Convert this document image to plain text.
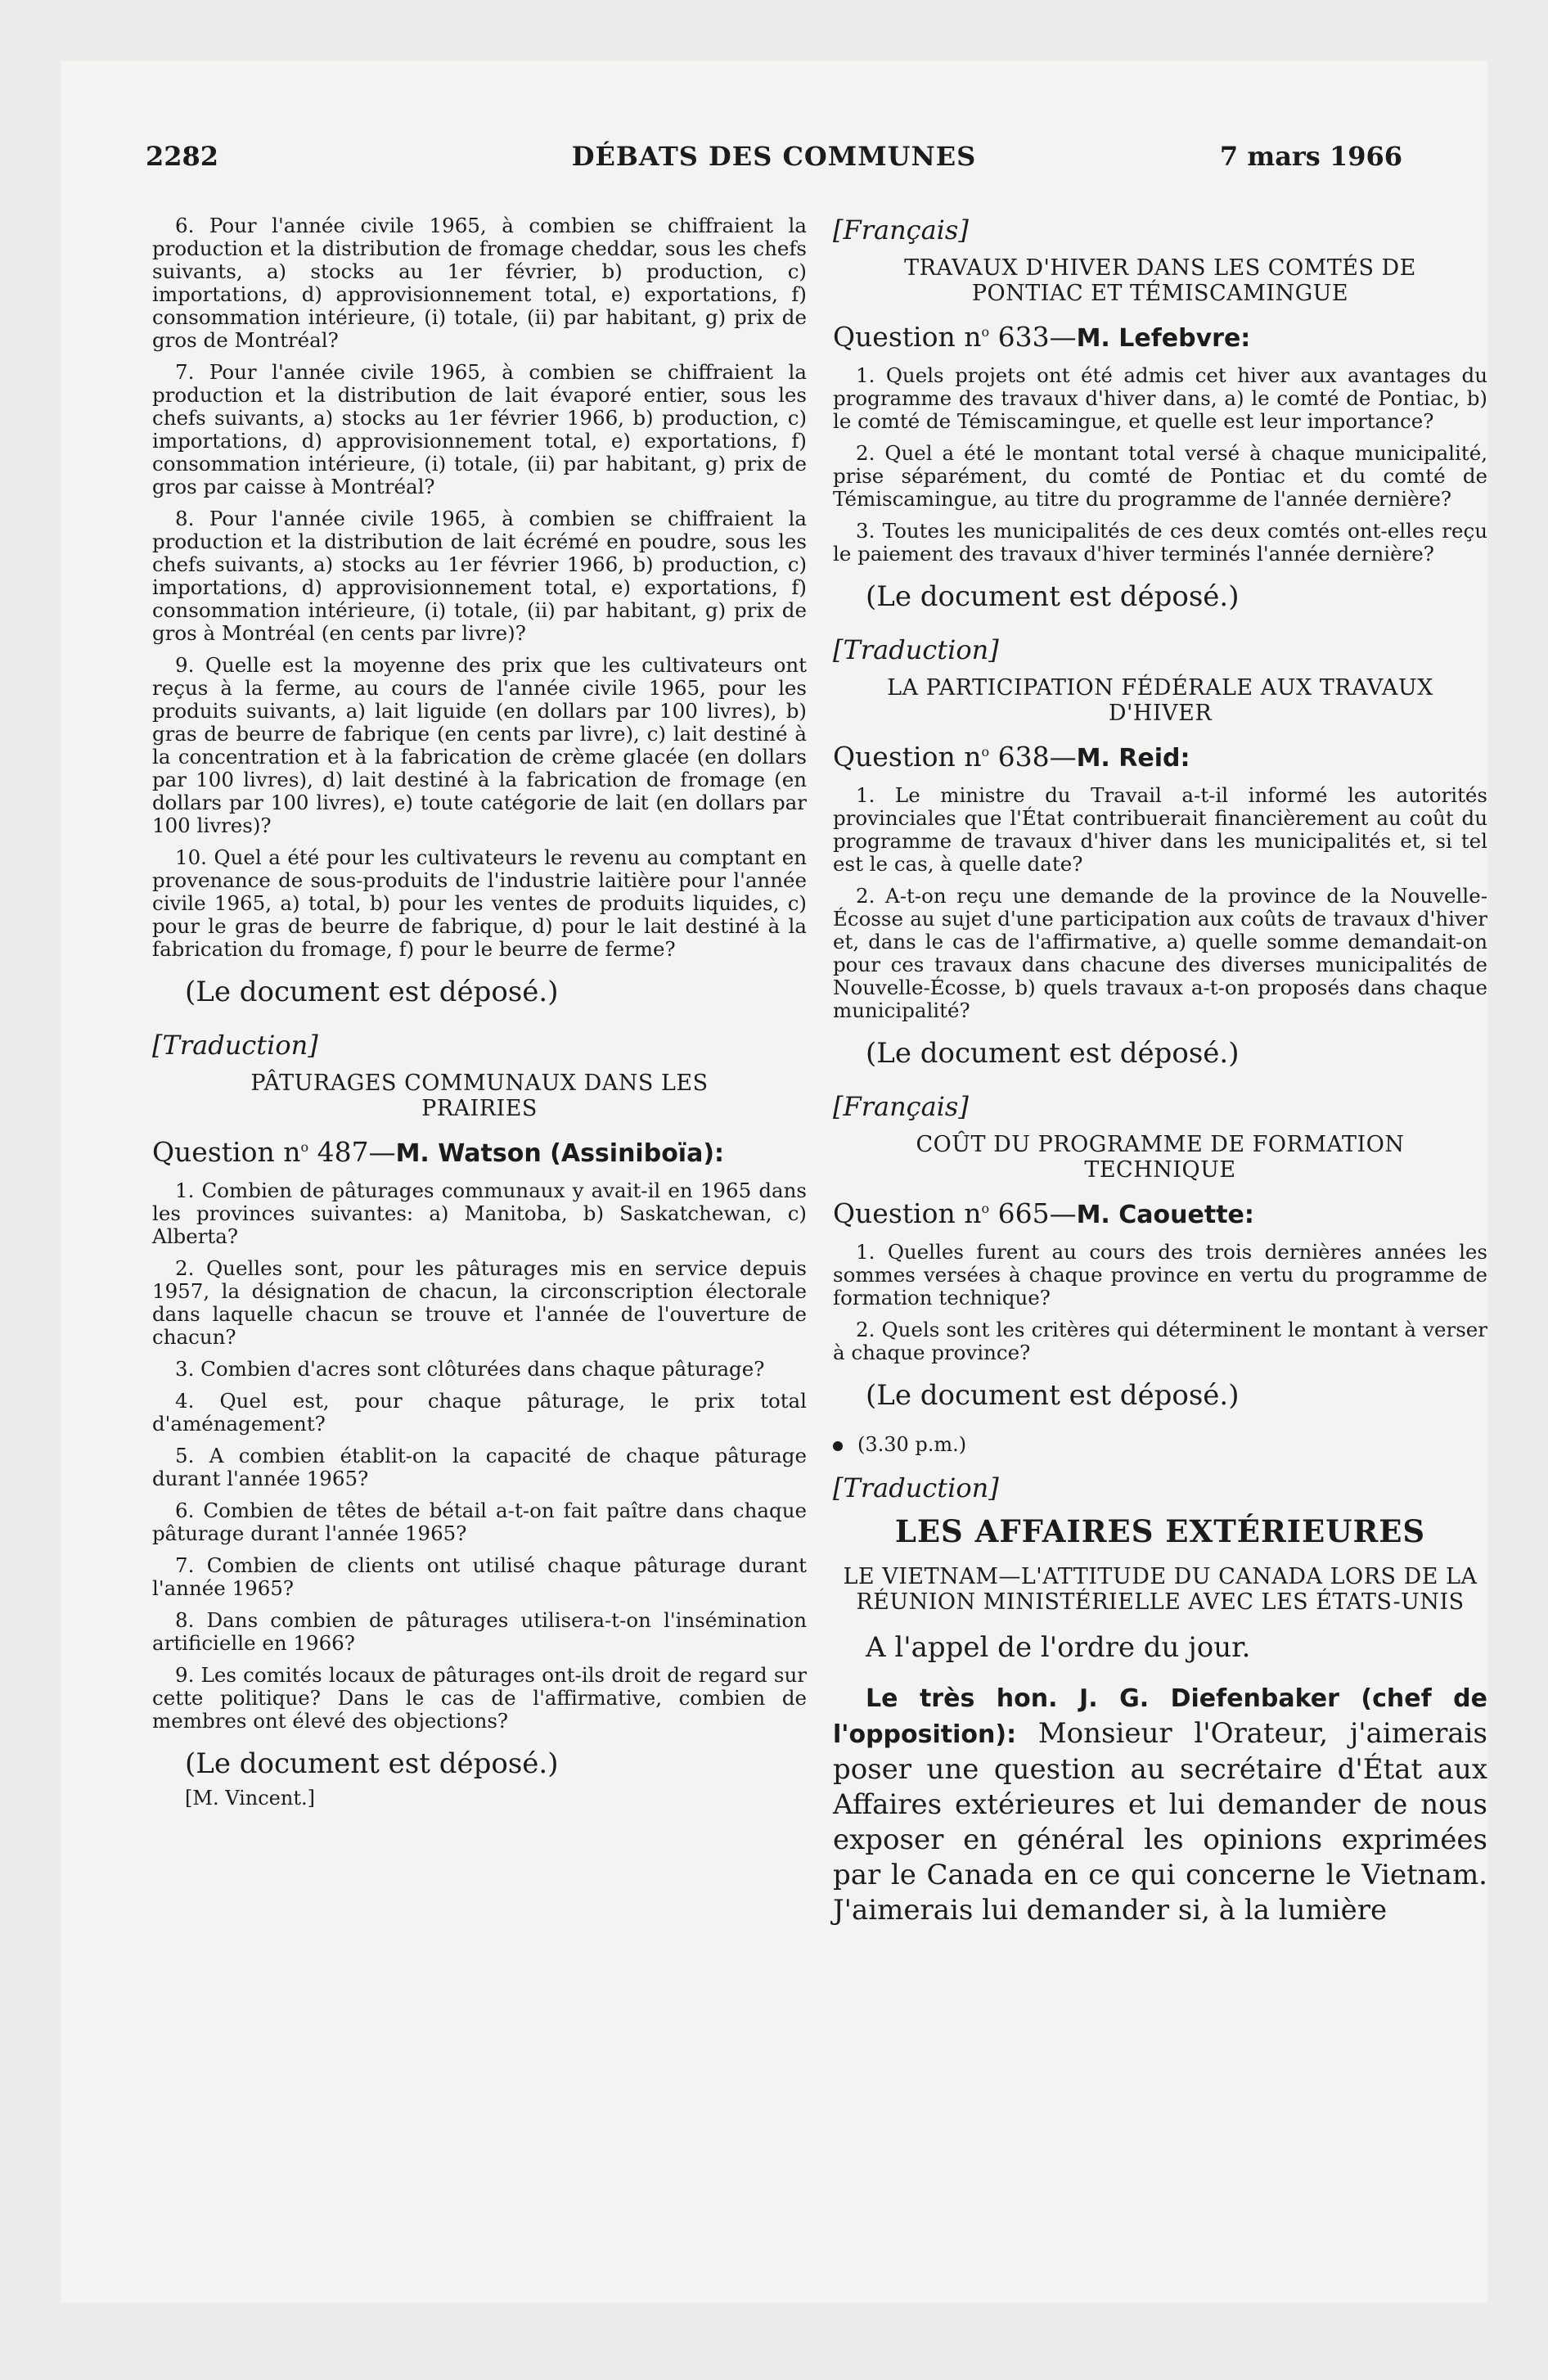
2282	DÉBATS DES COMMUNES	7 mars 1966

6. Pour l'année civile 1965, à combien se chiffraient la production et la distribution de fromage cheddar, sous les chefs suivants, a) stocks au 1er février, b) production, c) importations, d) approvisionnement total, e) exportations, f) consommation intérieure, (i) totale, (ii) par habitant, g) prix de gros de Montréal?

7. Pour l'année civile 1965, à combien se chiffraient la production et la distribution de lait évaporé entier, sous les chefs suivants, a) stocks au 1er février 1966, b) production, c) importations, d) approvisionnement total, e) exportations, f) consommation intérieure, (i) totale, (ii) par habitant, g) prix de gros par caisse à Montréal?

8. Pour l'année civile 1965, à combien se chiffraient la production et la distribution de lait écrémé en poudre, sous les chefs suivants, a) stocks au 1er février 1966, b) production, c) importations, d) approvisionnement total, e) exportations, f) consommation intérieure, (i) totale, (ii) par habitant, g) prix de gros à Montréal (en cents par livre)?

9. Quelle est la moyenne des prix que les cultivateurs ont reçus à la ferme, au cours de l'année civile 1965, pour les produits suivants, a) lait liguide (en dollars par 100 livres), b) gras de beurre de fabrique (en cents par livre), c) lait destiné à la concentration et à la fabrication de crème glacée (en dollars par 100 livres), d) lait destiné à la fabrication de fromage (en dollars par 100 livres), e) toute catégorie de lait (en dollars par 100 livres)?

10. Quel a été pour les cultivateurs le revenu au comptant en provenance de sous-produits de l'industrie laitière pour l'année civile 1965, a) total, b) pour les ventes de produits liquides, c) pour le gras de beurre de fabrique, d) pour le lait destiné à la fabrication du fromage, f) pour le beurre de ferme?

(Le document est déposé.)

[Traduction]

PÂTURAGES COMMUNAUX DANS LES PRAIRIES

Question $n^o$ 487—M. Watson (Assiniboïa):

1. Combien de pâturages communaux y avait-il en 1965 dans les provinces suivantes: a) Manitoba, b) Saskatchewan, c) Alberta?

2. Quelles sont, pour les pâturages mis en service depuis 1957, la désignation de chacun, la circonscription électorale dans laquelle chacun se trouve et l'année de l'ouverture de chacun?

3. Combien d'acres sont clôturées dans chaque pâturage?

4. Quel est, pour chaque pâturage, le prix total d'aménagement?

5. A combien établit-on la capacité de chaque pâturage durant l'année 1965?

6. Combien de têtes de bétail a-t-on fait paître dans chaque pâturage durant l'année 1965?

7. Combien de clients ont utilisé chaque pâturage durant l'année 1965?

8. Dans combien de pâturages utilisera-t-on l'insémination artificielle en 1966?

9. Les comités locaux de pâturages ont-ils droit de regard sur cette politique? Dans le cas de l'affirmative, combien de membres ont élevé des objections?

(Le document est déposé.)

[M. Vincent.]

[Français]

TRAVAUX D'HIVER DANS LES COMTÉS DE PONTIAC ET TÉMISCAMINGUE

Question $n^o$ 633—M. Lefebvre:

1. Quels projets ont été admis cet hiver aux avantages du programme des travaux d'hiver dans, a) le comté de Pontiac, b) le comté de Témiscamingue, et quelle est leur importance?

2. Quel a été le montant total versé à chaque municipalité, prise séparément, du comté de Pontiac et du comté de Témiscamingue, au titre du programme de l'année dernière?

3. Toutes les municipalités de ces deux comtés ont-elles reçu le paiement des travaux d'hiver terminés l'année dernière?

(Le document est déposé.)

[Traduction]

LA PARTICIPATION FÉDÉRALE AUX TRAVAUX D'HIVER

Question $n^o$ 638—M. Reid:

1. Le ministre du Travail a-t-il informé les autorités provinciales que l'État contribuerait financièrement au coût du programme de travaux d'hiver dans les municipalités et, si tel est le cas, à quelle date?

2. A-t-on reçu une demande de la province de la Nouvelle-Écosse au sujet d'une participation aux coûts de travaux d'hiver et, dans le cas de l'affirmative, a) quelle somme demandait-on pour ces travaux dans chacune des diverses municipalités de Nouvelle-Écosse, b) quels travaux a-t-on proposés dans chaque municipalité?

(Le document est déposé.)

[Français]

COÛT DU PROGRAMME DE FORMATION TECHNIQUE

Question $n^o$ 665—M. Caouette:

1. Quelles furent au cours des trois dernières années les sommes versées à chaque province en vertu du programme de formation technique?

2. Quels sont les critères qui déterminent le montant à verser à chaque province?

(Le document est déposé.)

(3.30 p.m.)

[Traduction]

LES AFFAIRES EXTÉRIEURES

LE VIETNAM—L'ATTITUDE DU CANADA LORS DE LA RÉUNION MINISTÉRIELLE AVEC LES ÉTATS-UNIS

A l'appel de l'ordre du jour.

Le très hon. J. G. Diefenbaker (chef de l'opposition): Monsieur l'Orateur, j'aimerais poser une question au secrétaire d'État aux Affaires extérieures et lui demander de nous exposer en général les opinions exprimées par le Canada en ce qui concerne le Vietnam. J'aimerais lui demander si, à la lumière
